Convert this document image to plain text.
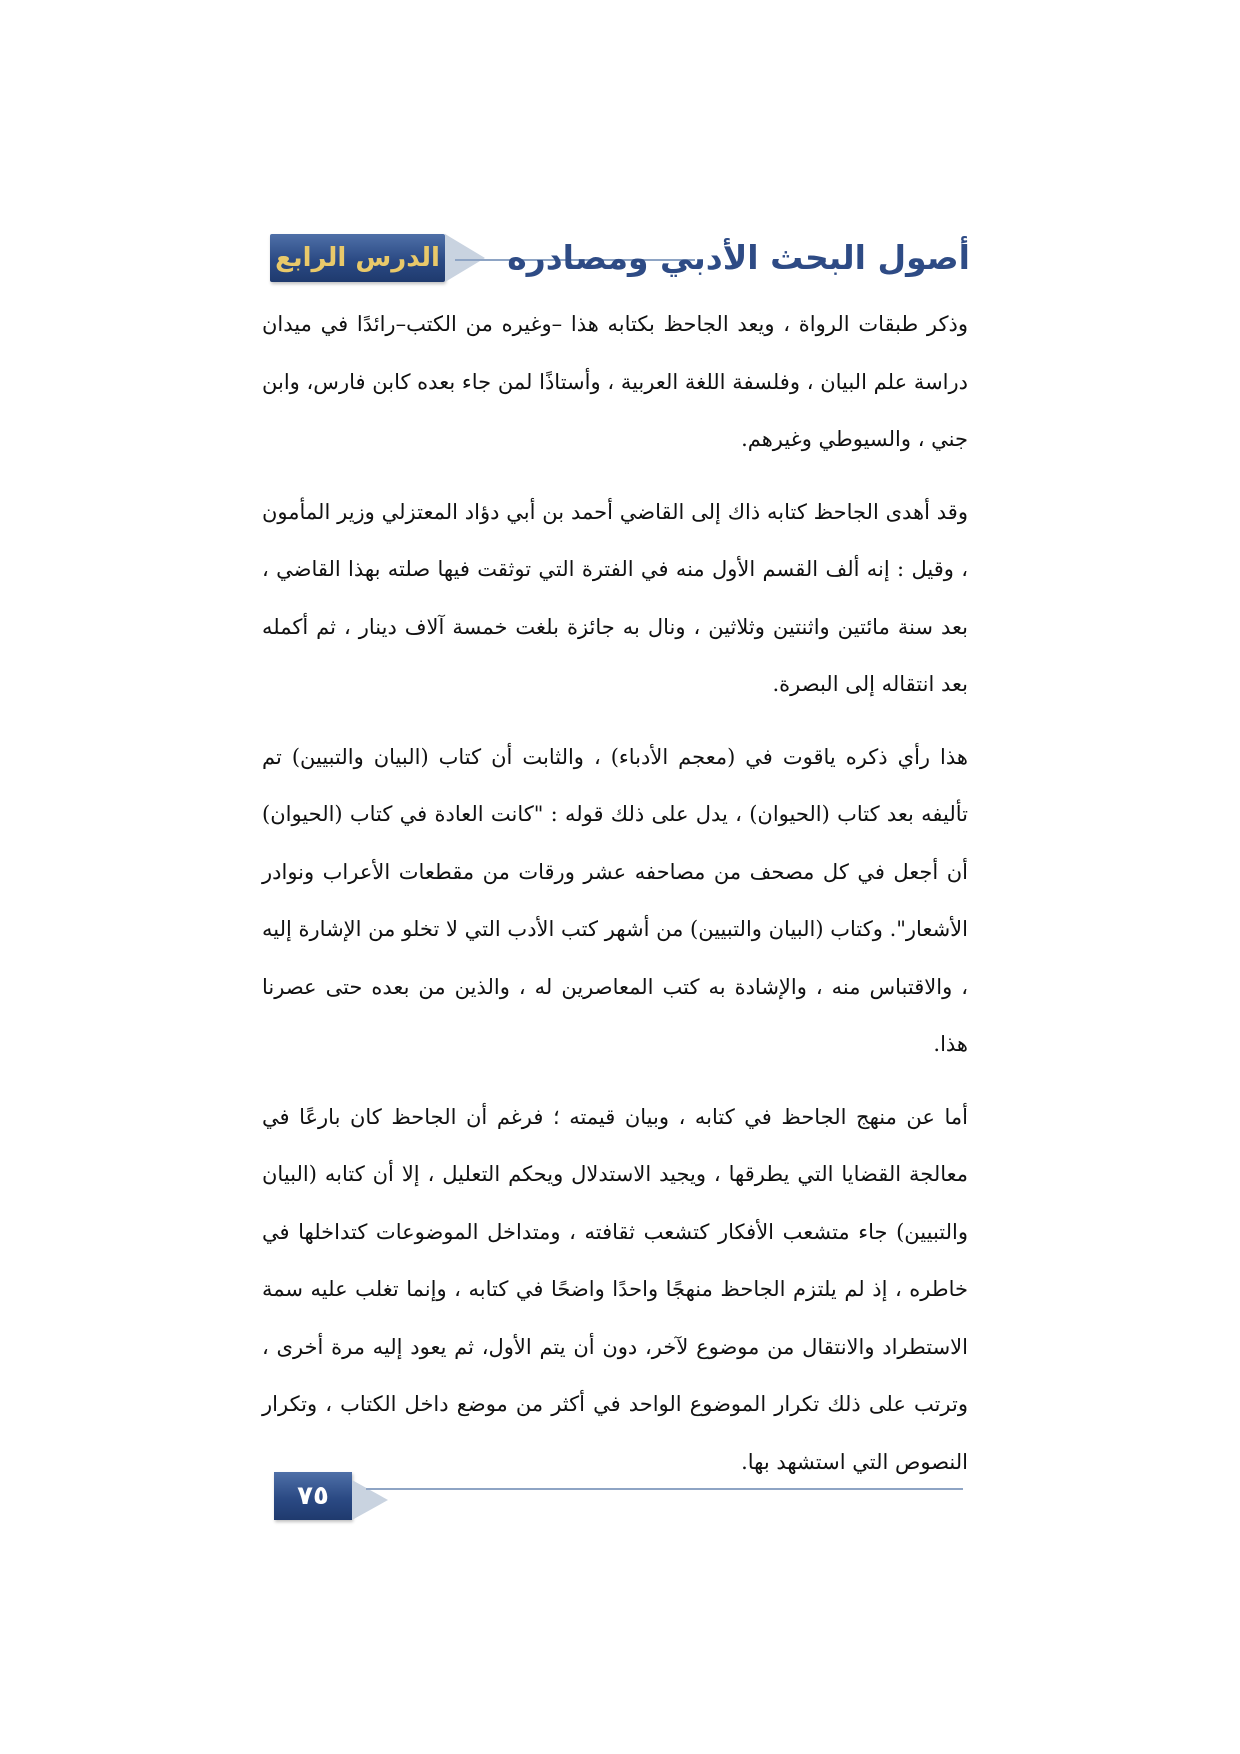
الدرس الرابع أصول البحث الأدبي ومصادره

وذكر طبقات الرواة ، ويعد الجاحظ بكتابه هذا –وغيره من الكتب–رائدًا في ميدان دراسة علم البيان ، وفلسفة اللغة العربية ، وأستاذًا لمن جاء بعده كابن فارس، وابن جني ، والسيوطي وغيرهم.

وقد أهدى الجاحظ كتابه ذاك إلى القاضي أحمد بن أبي دؤاد المعتزلي وزير المأمون ، وقيل : إنه ألف القسم الأول منه في الفترة التي توثقت فيها صلته بهذا القاضي ، بعد سنة مائتين واثنتين وثلاثين ، ونال به جائزة بلغت خمسة آلاف دينار ، ثم أكمله بعد انتقاله إلى البصرة.

هذا رأي ذكره ياقوت في (معجم الأدباء) ، والثابت أن كتاب (البيان والتبيين) تم تأليفه بعد كتاب (الحيوان) ، يدل على ذلك قوله : "كانت العادة في كتاب (الحيوان) أن أجعل في كل مصحف من مصاحفه عشر ورقات من مقطعات الأعراب ونوادر الأشعار". وكتاب (البيان والتبيين) من أشهر كتب الأدب التي لا تخلو من الإشارة إليه ، والاقتباس منه ، والإشادة به كتب المعاصرين له ، والذين من بعده حتى عصرنا هذا.

أما عن منهج الجاحظ في كتابه ، وبيان قيمته ؛ فرغم أن الجاحظ كان بارعًا في معالجة القضايا التي يطرقها ، ويجيد الاستدلال ويحكم التعليل ، إلا أن كتابه (البيان والتبيين) جاء متشعب الأفكار كتشعب ثقافته ، ومتداخل الموضوعات كتداخلها في خاطره ، إذ لم يلتزم الجاحظ منهجًا واحدًا واضحًا في كتابه ، وإنما تغلب عليه سمة الاستطراد والانتقال من موضوع لآخر، دون أن يتم الأول، ثم يعود إليه مرة أخرى ، وترتب على ذلك تكرار الموضوع الواحد في أكثر من موضع داخل الكتاب ، وتكرار النصوص التي استشهد بها.

٧٥
